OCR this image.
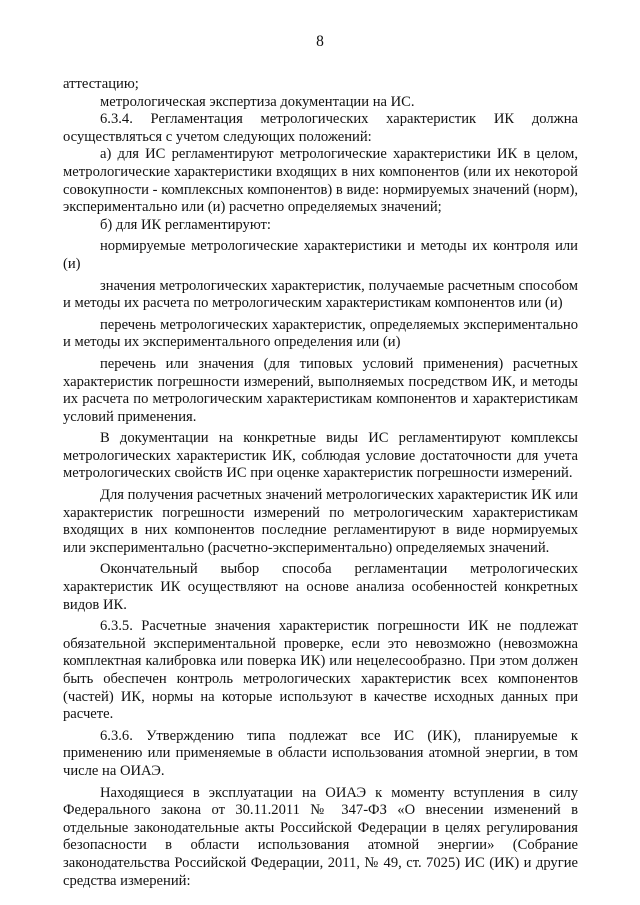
8

аттестацию;

метрологическая экспертиза документации на ИС.

6.3.4. Регламентация метрологических характеристик ИК должна осуществляться с учетом следующих положений:

а) для ИС регламентируют метрологические характеристики ИК в целом, метрологические характеристики входящих в них компонентов (или их некоторой совокупности - комплексных компонентов) в виде: нормируемых значений (норм), экспериментально или (и) расчетно определяемых значений;

б) для ИК регламентируют:

нормируемые метрологические характеристики и методы их контроля или (и)

значения метрологических характеристик, получаемые расчетным способом и методы их расчета по метрологическим характеристикам компонентов или (и)

перечень метрологических характеристик, определяемых экспериментально и методы их экспериментального определения или (и)

перечень или значения (для типовых условий применения) расчетных характеристик погрешности измерений, выполняемых посредством ИК, и методы их расчета по метрологическим характеристикам компонентов и характеристикам условий применения.

В документации на конкретные виды ИС регламентируют комплексы метрологических характеристик ИК, соблюдая условие достаточности для учета метрологических свойств ИС при оценке характеристик погрешности измерений.

Для получения расчетных значений метрологических характеристик ИК или характеристик погрешности измерений по метрологическим характеристикам входящих в них компонентов последние регламентируют в виде нормируемых или экспериментально (расчетно-экспериментально) определяемых значений.

Окончательный выбор способа регламентации метрологических характеристик ИК осуществляют на основе анализа особенностей конкретных видов ИК.

6.3.5. Расчетные значения характеристик погрешности ИК не подлежат обязательной экспериментальной проверке, если это невозможно (невозможна комплектная калибровка или поверка ИК) или нецелесообразно. При этом должен быть обеспечен контроль метрологических характеристик всех компонентов (частей) ИК, нормы на которые используют в качестве исходных данных при расчете.

6.3.6. Утверждению типа подлежат все ИС (ИК), планируемые к применению или применяемые в области использования атомной энергии, в том числе на ОИАЭ.

Находящиеся в эксплуатации на ОИАЭ к моменту вступления в силу Федерального закона от 30.11.2011 № 347-ФЗ «О внесении изменений в отдельные законодательные акты Российской Федерации в целях регулирования безопасности в области использования атомной энергии» (Собрание законодательства Российской Федерации, 2011, № 49, ст. 7025) ИС (ИК) и другие средства измерений:
